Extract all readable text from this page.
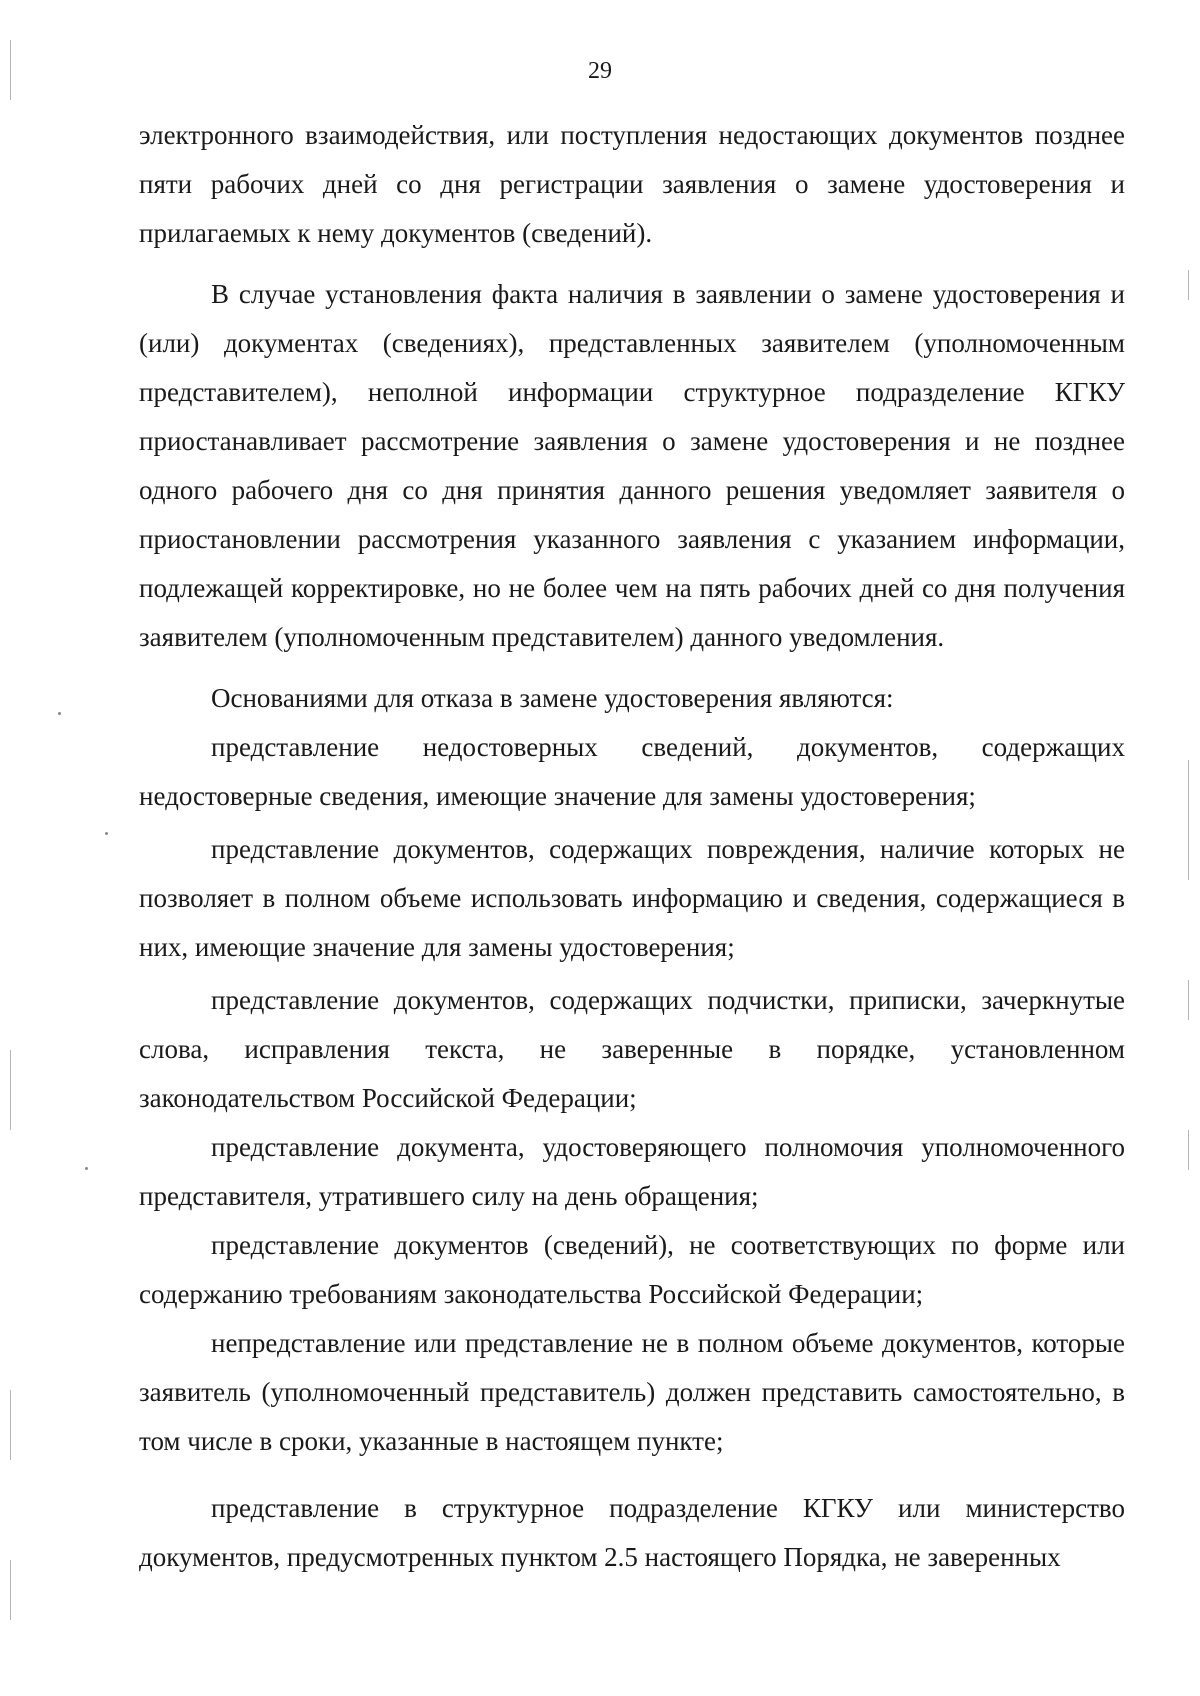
29

электронного взаимодействия, или поступления недостающих документов позднее пяти рабочих дней со дня регистрации заявления о замене удостоверения и прилагаемых к нему документов (сведений).

В случае установления факта наличия в заявлении о замене удостоверения и (или) документах (сведениях), представленных заявителем (уполномоченным представителем), неполной информации структурное подразделение КГКУ приостанавливает рассмотрение заявления о замене удостоверения и не позднее одного рабочего дня со дня принятия данного решения уведомляет заявителя о приостановлении рассмотрения указанного заявления с указанием информации, подлежащей корректировке, но не более чем на пять рабочих дней со дня получения заявителем (уполномоченным представителем) данного уведомления.

Основаниями для отказа в замене удостоверения являются:

представление недостоверных сведений, документов, содержащих недостоверные сведения, имеющие значение для замены удостоверения;

представление документов, содержащих повреждения, наличие которых не позволяет в полном объеме использовать информацию и сведения, содержащиеся в них, имеющие значение для замены удостоверения;

представление документов, содержащих подчистки, приписки, зачеркнутые слова, исправления текста, не заверенные в порядке, установленном законодательством Российской Федерации;

представление документа, удостоверяющего полномочия уполномоченного представителя, утратившего силу на день обращения;

представление документов (сведений), не соответствующих по форме или содержанию требованиям законодательства Российской Федерации;

непредставление или представление не в полном объеме документов, которые заявитель (уполномоченный представитель) должен представить самостоятельно, в том числе в сроки, указанные в настоящем пункте;

представление в структурное подразделение КГКУ или министерство документов, предусмотренных пунктом 2.5 настоящего Порядка, не заверенных
